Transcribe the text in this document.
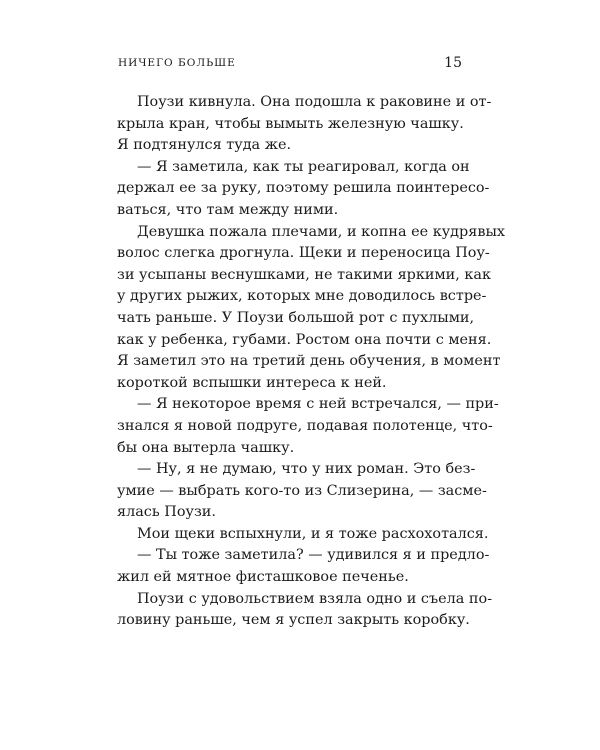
НИЧЕГО БОЛЬШЕ	15
Поузи кивнула. Она подошла к раковине и от-
крыла кран, чтобы вымыть железную чашку.
Я подтянулся туда же.
— Я заметила, как ты реагировал, когда он
держал ее за руку, поэтому решила поинтересо-
ваться, что там между ними.
Девушка пожала плечами, и копна ее кудрявых
волос слегка дрогнула. Щеки и переносица Поу-
зи усыпаны веснушками, не такими яркими, как
у других рыжих, которых мне доводилось встре-
чать раньше. У Поузи большой рот с пухлыми,
как у ребенка, губами. Ростом она почти с меня.
Я заметил это на третий день обучения, в момент
короткой вспышки интереса к ней.
— Я некоторое время с ней встречался, — при-
знался я новой подруге, подавая полотенце, что-
бы она вытерла чашку.
— Ну, я не думаю, что у них роман. Это без-
умие — выбрать кого-то из Слизерина, — засме-
ялась Поузи.
Мои щеки вспыхнули, и я тоже расхохотался.
— Ты тоже заметила? — удивился я и предло-
жил ей мятное фисташковое печенье.
Поузи с удовольствием взяла одно и съела по-
ловину раньше, чем я успел закрыть коробку.
